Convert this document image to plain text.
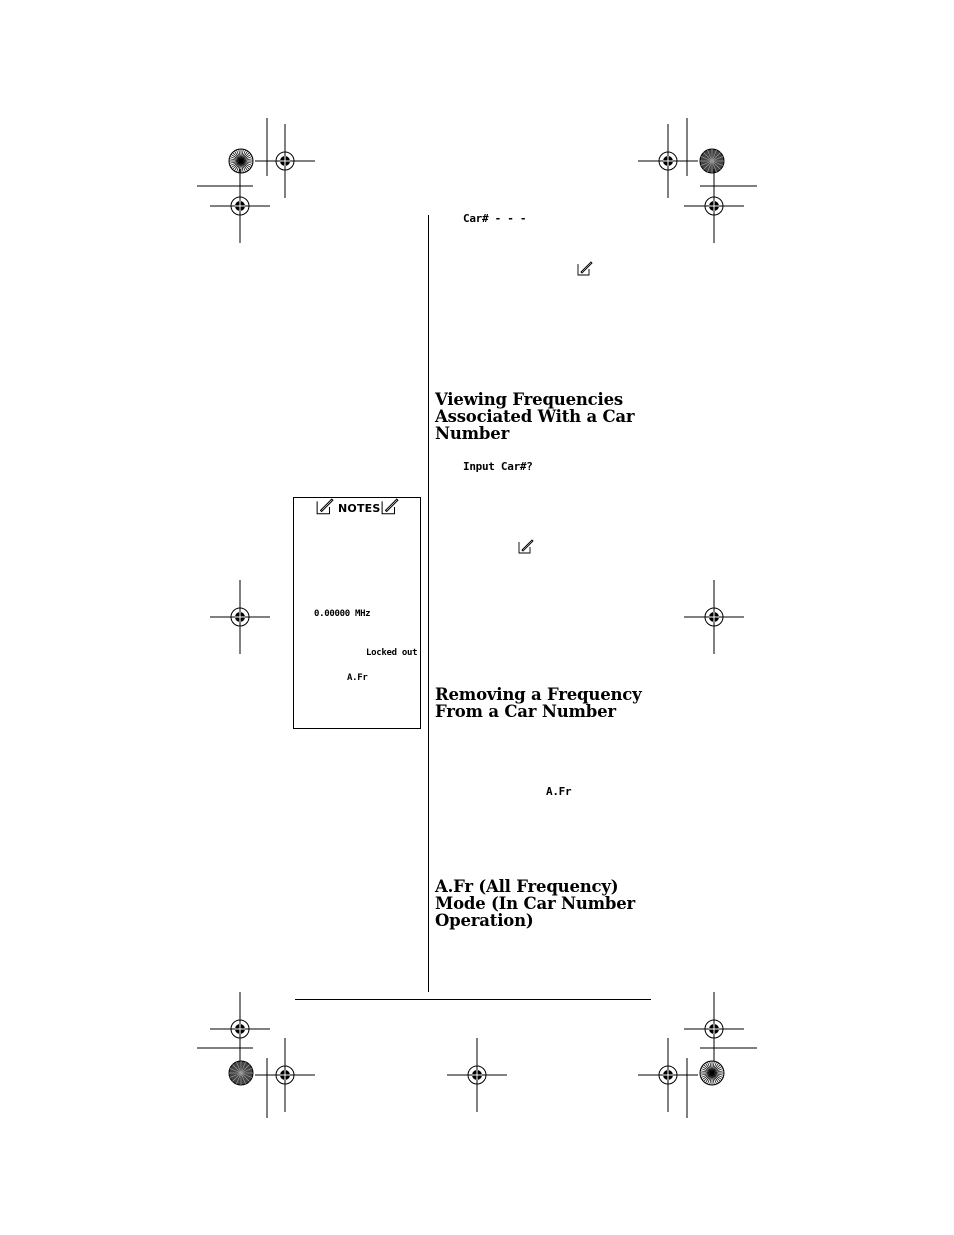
Car# - - -
Input Car#?
A.Fr
Viewing Frequencies
Associated With a Car
Number
Removing a Frequency
From a Car Number
A.Fr (All Frequency)
Mode (In Car Number
Operation)
NOTES
0.00000 MHz
Locked out
A.Fr
